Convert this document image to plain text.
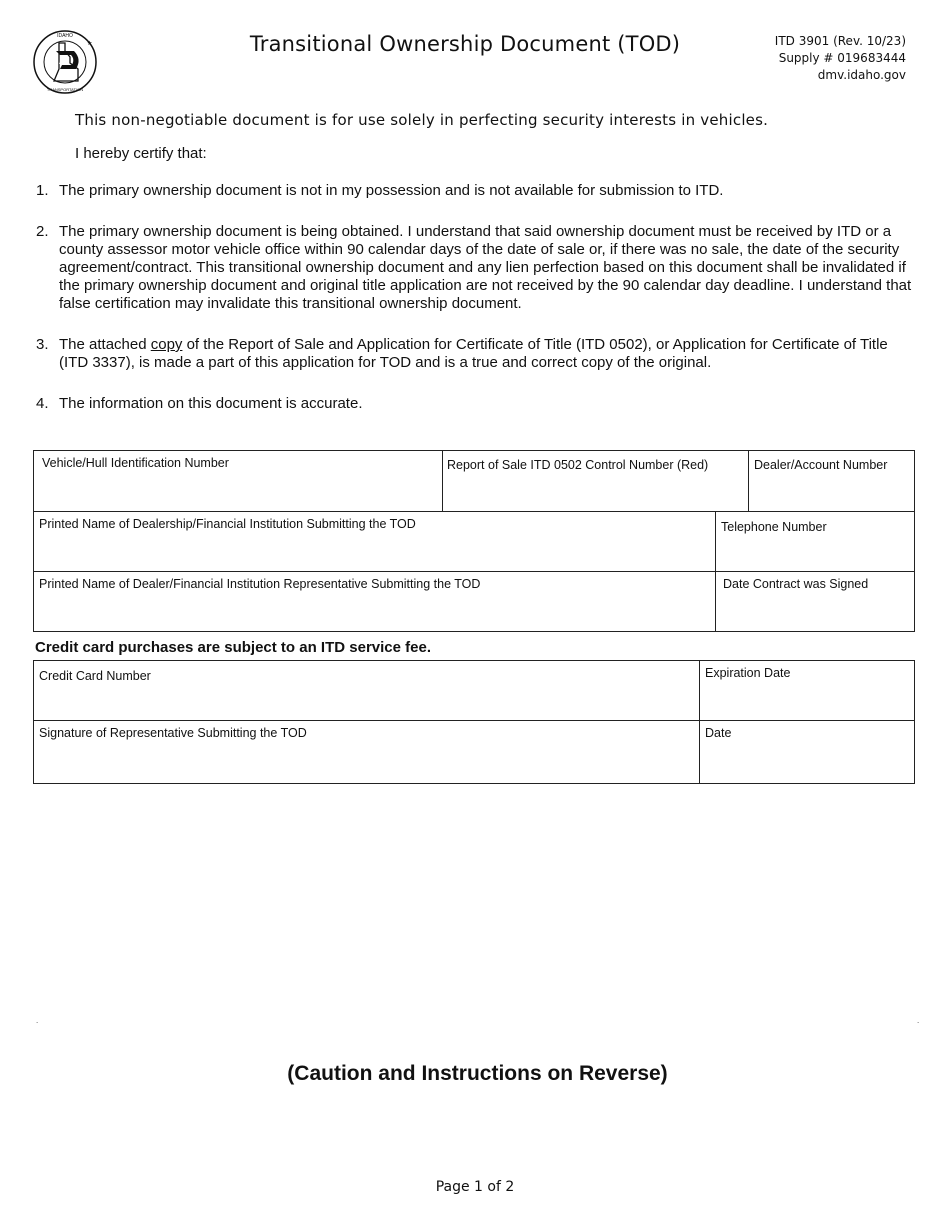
IDAHO
TRANSPORTATION
★	Transitional Ownership Document (TOD)	ITD 3901 (Rev. 10/23)
Supply # 019683444
dmv.idaho.gov
This non-negotiable document is for use solely in perfecting security interests in vehicles.
I hereby certify that:
1. The primary ownership document is not in my possession and is not available for submission to ITD.
2. The primary ownership document is being obtained. I understand that said ownership document must be received by ITD or a county assessor motor vehicle office within 90 calendar days of the date of sale or, if there was no sale, the date of the security agreement/contract. This transitional ownership document and any lien perfection based on this document shall be invalidated if the primary ownership document and original title application are not received by the 90 calendar day deadline. I understand that false certification may invalidate this transitional ownership document.
3. The attached copy of the Report of Sale and Application for Certificate of Title (ITD 0502), or Application for Certificate of Title (ITD 3337), is made a part of this application for TOD and is a true and correct copy of the original.
4. The information on this document is accurate.
Vehicle/Hull Identification Number	Report of Sale ITD 0502 Control Number (Red)	Dealer/Account Number
Printed Name of Dealership/Financial Institution Submitting the TOD	Telephone Number
Printed Name of Dealer/Financial Institution Representative Submitting the TOD	Date Contract was Signed
Credit card purchases are subject to an ITD service fee.
Credit Card Number	Expiration Date
Signature of Representative Submitting the TOD	Date
.	.
(Caution and Instructions on Reverse)
Page 1 of 2
